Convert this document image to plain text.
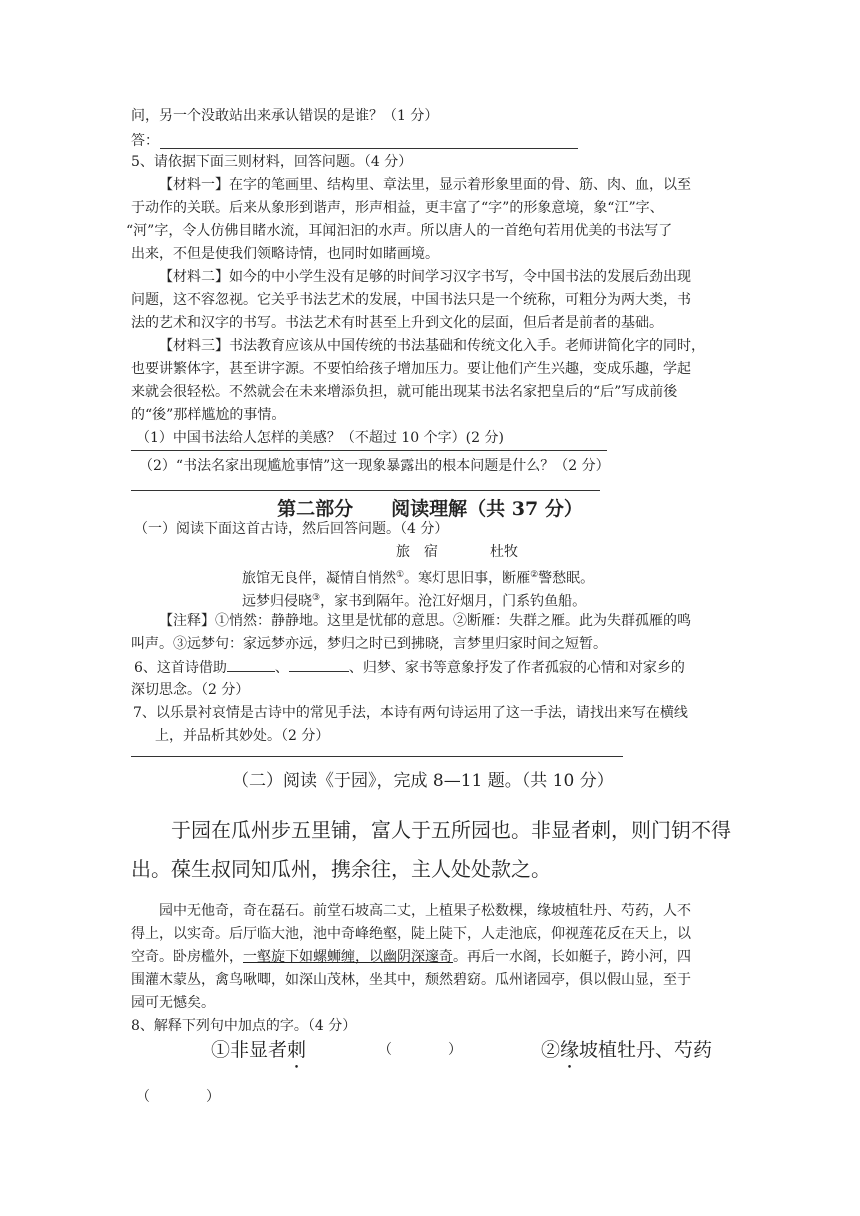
问，另一个没敢站出来承认错误的是谁？（1 分）
答：
5、请依据下面三则材料，回答问题。（4 分）
【材料一】在字的笔画里、结构里、章法里，显示着形象里面的骨、筋、肉、血，以至
于动作的关联。后来从象形到谐声，形声相益，更丰富了“字”的形象意境，象“江”字、
“河”字，令人仿佛目睹水流，耳闻汩汩的水声。所以唐人的一首绝句若用优美的书法写了
出来，不但是使我们领略诗情，也同时如睹画境。
【材料二】如今的中小学生没有足够的时间学习汉字书写，令中国书法的发展后劲出现
问题，这不容忽视。它关乎书法艺术的发展，中国书法只是一个统称，可粗分为两大类，书
法的艺术和汉字的书写。书法艺术有时甚至上升到文化的层面，但后者是前者的基础。
【材料三】书法教育应该从中国传统的书法基础和传统文化入手。老师讲简化字的同时，
也要讲繁体字，甚至讲字源。不要怕给孩子增加压力。要让他们产生兴趣，变成乐趣，学起
来就会很轻松。不然就会在未来增添负担，就可能出现某书法名家把皇后的“后”写成前後
的“後”那样尴尬的事情。
（1）中国书法给人怎样的美感？（不超过 10 个字）(2 分)
（2）“书法名家出现尴尬事情”这一现象暴露出的根本问题是什么？（2 分）
第二部分　　阅读理解（共 37 分）
（一）阅读下面这首古诗，然后回答问题。（4 分）
旅　宿	杜牧
旅馆无良伴，凝情自悄然①。寒灯思旧事，断雁②警愁眠。
远梦归侵晓③，家书到隔年。沧江好烟月，门系钓鱼船。
【注释】①悄然：静静地。这里是忧郁的意思。②断雁：失群之雁。此为失群孤雁的鸣
叫声。③远梦句：家远梦亦远，梦归之时已到拂晓，言梦里归家时间之短暂。
6、这首诗借助	、	、归梦、家书等意象抒发了作者孤寂的心情和对家乡的
深切思念。（2 分）
7、以乐景衬哀情是古诗中的常见手法，本诗有两句诗运用了这一手法，请找出来写在横线
上，并品析其妙处。（2 分）
（二）阅读《于园》，完成 8—11 题。（共 10 分）
于园在瓜州步五里铺，富人于五所园也。非显者刺，则门钥不得
出。葆生叔同知瓜州，携余往，主人处处款之。
园中无他奇，奇在磊石。前堂石坡高二丈，上植果子松数棵，缘坡植牡丹、芍药，人不
得上，以实奇。后厅临大池，池中奇峰绝壑，陡上陡下，人走池底，仰视莲花反在天上，以
空奇。卧房槛外，一壑旋下如螺蛳缠，以幽阴深邃奇。再后一水阁，长如艇子，跨小河，四
围灌木蒙丛，禽鸟啾唧，如深山茂林，坐其中，颓然碧窈。瓜州诸园亭，俱以假山显，至于
园可无憾矣。
8、解释下列句中加点的字。（4 分）
①非显者刺	（　　　　）	②缘坡植牡丹、芍药
（　　　　）
